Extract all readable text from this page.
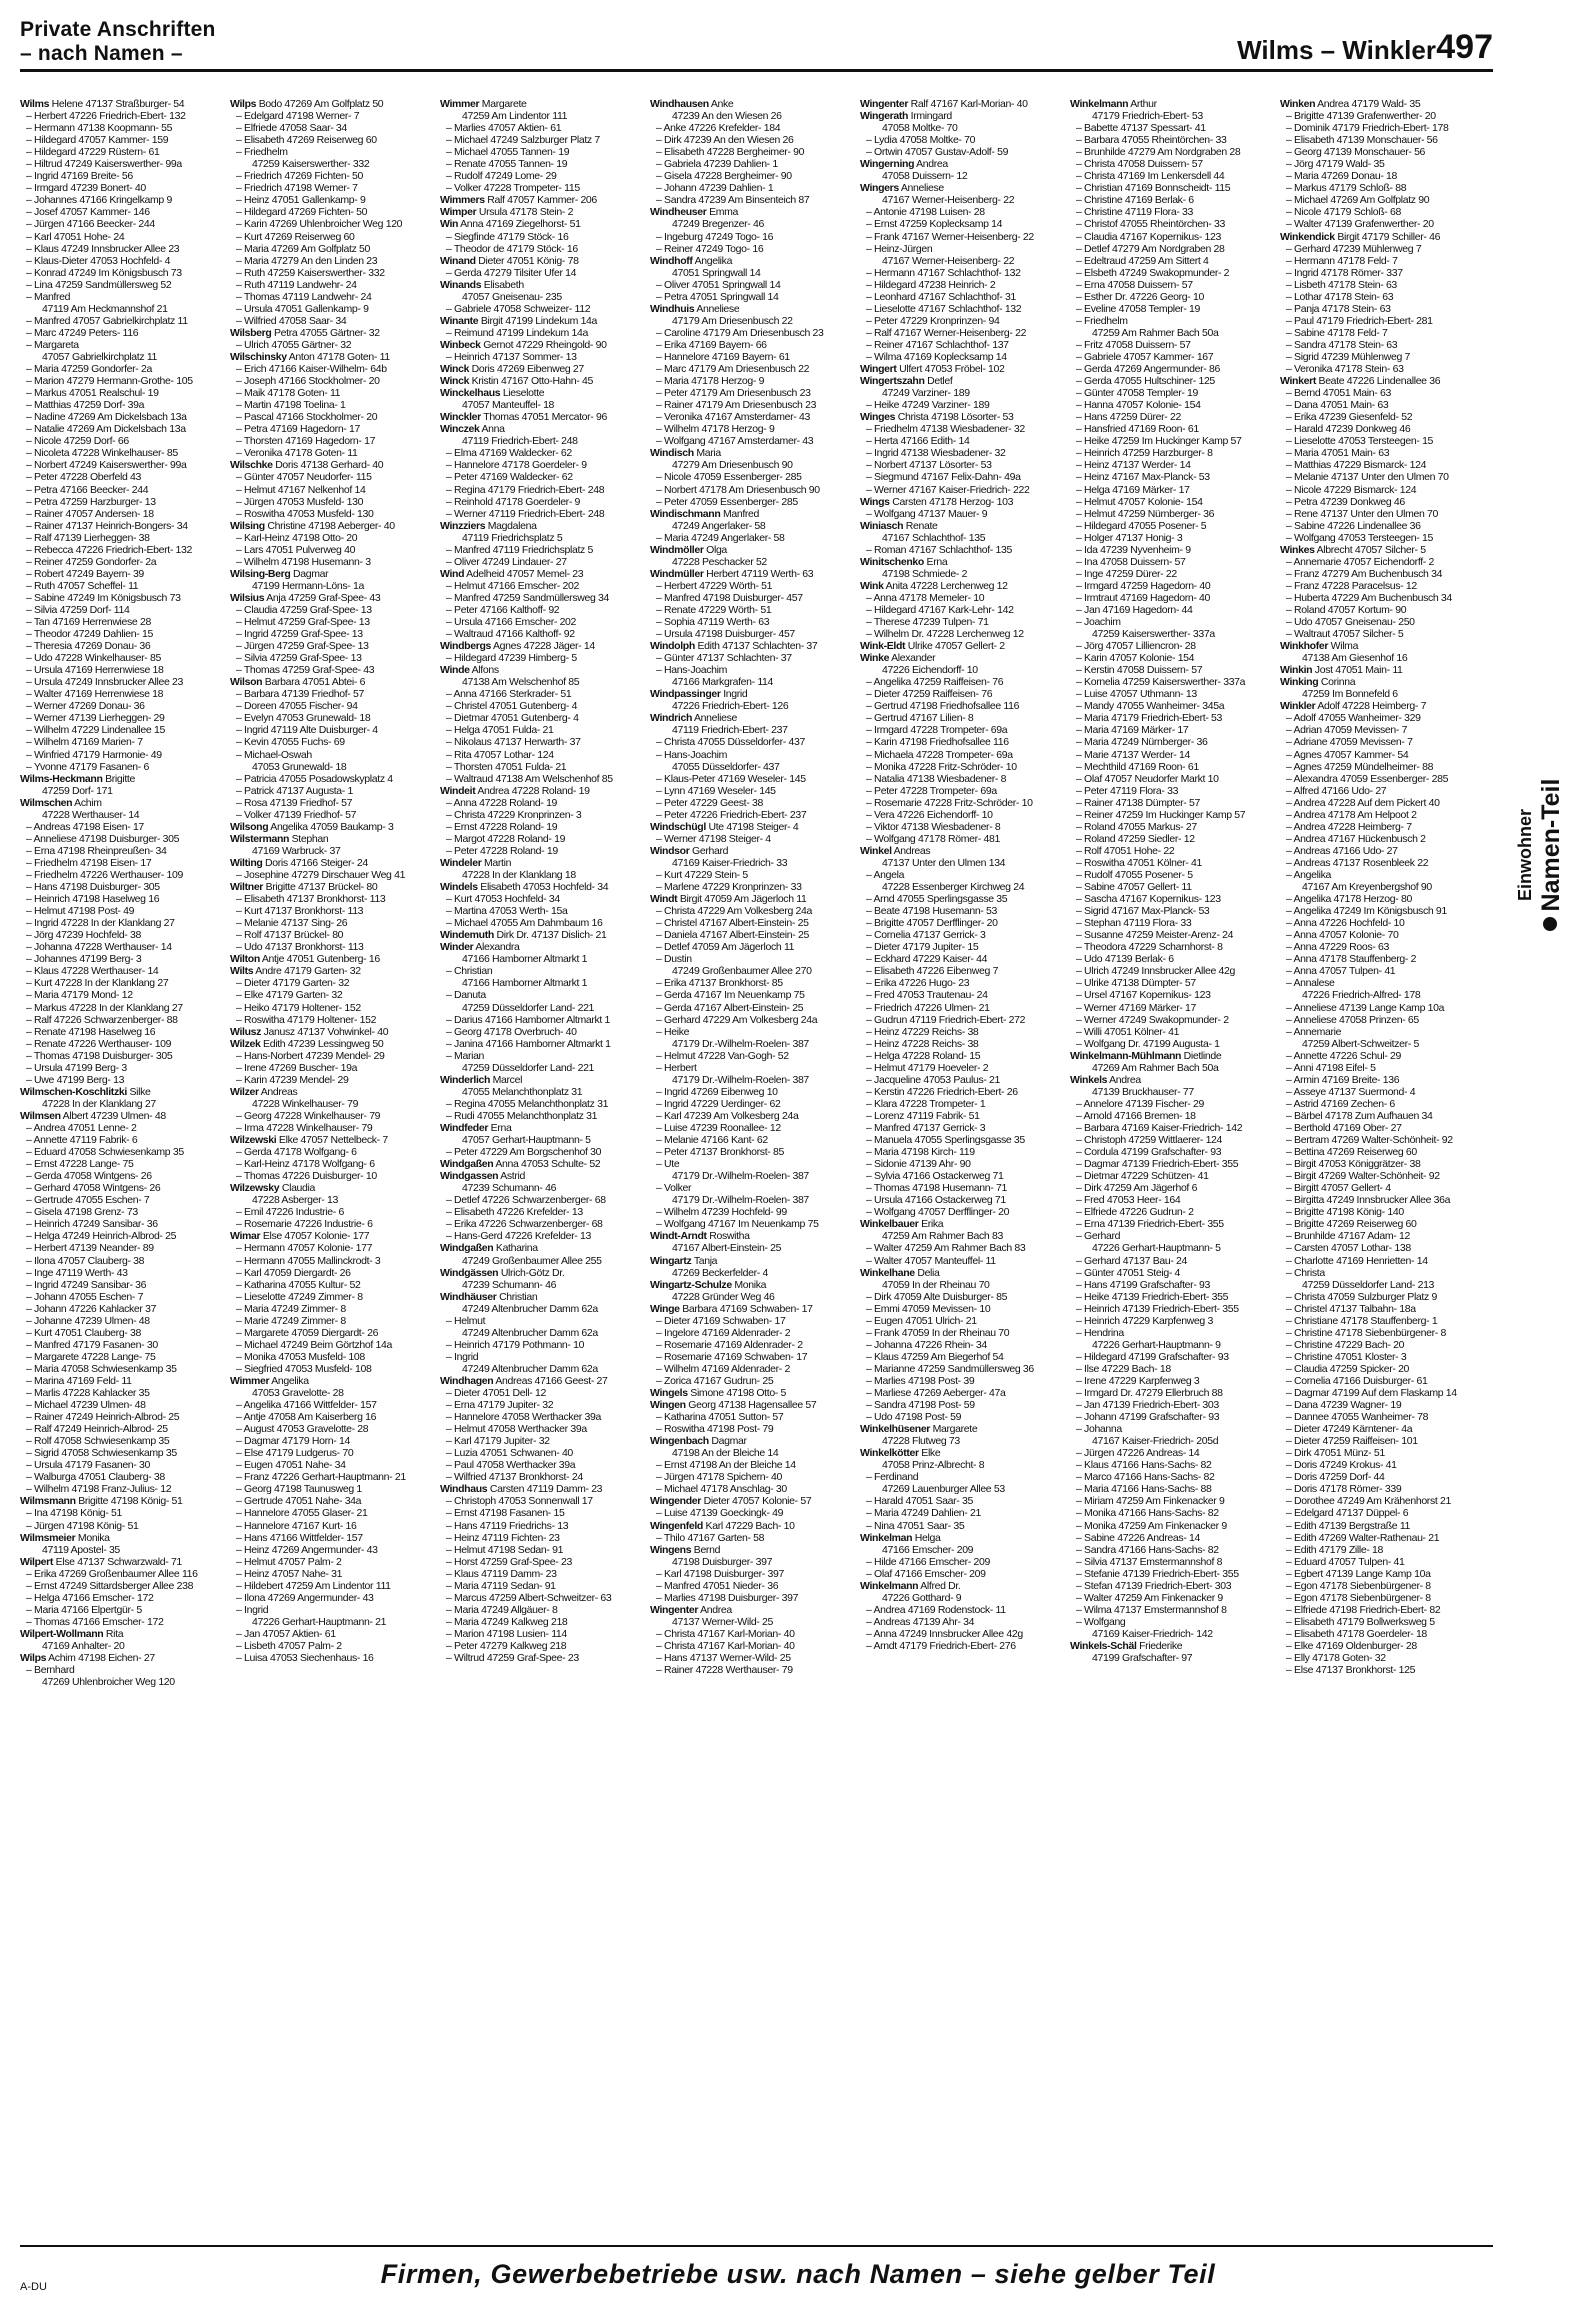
Private Anschriften
– nach Namen –	Wilms – Winkler 497
Wilms Helene 47137 Straßburger- 54
– Herbert 47226 Friedrich-Ebert- 132
– Hermann 47138 Koopmann- 55
– Hildegard 47057 Kammer- 159
– Hildegard 47229 Rüstern- 61
– Hiltrud 47249 Kaiserswerther- 99a
– Ingrid 47169 Breite- 56
– Irmgard 47239 Bonert- 40
– Johannes 47166 Kringelkamp 9
– Josef 47057 Kammer- 146
– Jürgen 47166 Beecker- 244
– Karl 47051 Hohe- 24
– Klaus 47249 Innsbrucker Allee 23
– Klaus-Dieter 47053 Hochfeld- 4
– Konrad 47249 Im Königsbusch 73
– Lina 47259 Sandmüllersweg 52
– Manfred
47119 Am Heckmannshof 21
– Manfred 47057 Gabrielkirchplatz 11
– Marc 47249 Peters- 116
– Margareta
47057 Gabrielkirchplatz 11
– Maria 47259 Gondorfer- 2a
– Marion 47279 Hermann-Grothe- 105
– Markus 47051 Realschul- 19
– Matthias 47259 Dorf- 39a
– Nadine 47269 Am Dickelsbach 13a
– Natalie 47269 Am Dickelsbach 13a
– Nicole 47259 Dorf- 66
– Nicoleta 47228 Winkelhauser- 85
– Norbert 47249 Kaiserswerther- 99a
– Peter 47228 Oberfeld 43
– Petra 47166 Beecker- 244
– Petra 47259 Harzburger- 13
– Rainer 47057 Andersen- 18
– Rainer 47137 Heinrich-Bongers- 34
– Ralf 47139 Lierheggen- 38
– Rebecca 47226 Friedrich-Ebert- 132
– Reiner 47259 Gondorfer- 2a
– Robert 47249 Bayern- 39
– Ruth 47057 Scheffel- 11
– Sabine 47249 Im Königsbusch 73
– Silvia 47259 Dorf- 114
– Tan 47169 Herrenwiese 28
– Theodor 47249 Dahlien- 15
– Theresia 47269 Donau- 36
– Udo 47228 Winkelhauser- 85
– Ursula 47169 Herrenwiese 18
– Ursula 47249 Innsbrucker Allee 23
– Walter 47169 Herrenwiese 18
– Werner 47269 Donau- 36
– Werner 47139 Lierheggen- 29
– Wilhelm 47229 Lindenallee 15
– Wilhelm 47169 Marien- 7
– Winfried 47179 Harmonie- 49
– Yvonne 47179 Fasanen- 6
Wilms-Heckmann Brigitte
47259 Dorf- 171
Wilmschen Achim
47228 Werthauser- 14
– Andreas 47198 Eisen- 17
– Anneliese 47198 Duisburger- 305
– Erna 47198 Rheinpreußen- 34
– Friedhelm 47198 Eisen- 17
– Friedhelm 47226 Werthauser- 109
– Hans 47198 Duisburger- 305
– Heinrich 47198 Haselweg 16
– Helmut 47198 Post- 49
– Ingrid 47228 In der Klanklang 27
– Jörg 47239 Hochfeld- 38
– Johanna 47228 Werthauser- 14
– Johannes 47199 Berg- 3
– Klaus 47228 Werthauser- 14
– Kurt 47228 In der Klanklang 27
– Maria 47179 Mond- 12
– Markus 47228 In der Klanklang 27
– Ralf 47226 Schwarzenberger- 88
– Renate 47198 Haselweg 16
– Renate 47226 Werthauser- 109
– Thomas 47198 Duisburger- 305
– Ursula 47199 Berg- 3
– Uwe 47199 Berg- 13
Wilmschen-Koschlitzki Silke
47228 In der Klanklang 27
Wilmsen Albert 47239 Ulmen- 48
– Andrea 47051 Lenne- 2
– Annette 47119 Fabrik- 6
– Eduard 47058 Schwiesenkamp 35
– Ernst 47228 Lange- 75
– Gerda 47058 Wintgens- 26
– Gerhard 47058 Wintgens- 26
– Gertrude 47055 Eschen- 7
– Gisela 47198 Grenz- 73
– Heinrich 47249 Sansibar- 36
– Helga 47249 Heinrich-Albrod- 25
– Herbert 47139 Neander- 89
– Ilona 47057 Clauberg- 38
– Inge 47119 Werth- 43
– Ingrid 47249 Sansibar- 36
– Johann 47055 Eschen- 7
– Johann 47226 Kahlacker 37
– Johanne 47239 Ulmen- 48
– Kurt 47051 Clauberg- 38
– Manfred 47179 Fasanen- 30
– Margarete 47228 Lange- 75
– Maria 47058 Schwiesenkamp 35
– Marina 47169 Feld- 11
– Marlis 47228 Kahlacker 35
– Michael 47239 Ulmen- 48
– Rainer 47249 Heinrich-Albrod- 25
– Ralf 47249 Heinrich-Albrod- 25
– Rolf 47058 Schwiesenkamp 35
– Sigrid 47058 Schwiesenkamp 35
– Ursula 47179 Fasanen- 30
– Walburga 47051 Clauberg- 38
– Wilhelm 47198 Franz-Julius- 12
Wilmsmann Brigitte 47198 König- 51
– Ina 47198 König- 51
– Jürgen 47198 König- 51
Wilmsmeier Monika
47119 Apostel- 35
Wilpert Else 47137 Schwarzwald- 71
– Erika 47269 Großenbaumer Allee 116
– Ernst 47249 Sittardsberger Allee 238
– Helga 47166 Emscher- 172
– Maria 47166 Elpertgür- 5
– Thomas 47166 Emscher- 172
Wilpert-Wollmann Rita
47169 Anhalter- 20
Wilps Achim 47198 Eichen- 27
– Bernhard
47269 Uhlenbroicher Weg 120
Wilps Bodo 47269 Am Golfplatz 50
– Edelgard 47198 Werner- 7
– Elfriede 47058 Saar- 34
– Elisabeth 47269 Reiserweg 60
– Friedhelm
47259 Kaiserswerther- 332
– Friedrich 47269 Fichten- 50
– Friedrich 47198 Werner- 7
– Heinz 47051 Gallenkamp- 9
– Hildegard 47269 Fichten- 50
– Karin 47269 Uhlenbroicher Weg 120
– Kurt 47269 Reiserweg 60
– Maria 47269 Am Golfplatz 50
– Maria 47279 An den Linden 23
– Ruth 47259 Kaiserswerther- 332
– Ruth 47119 Landwehr- 24
– Thomas 47119 Landwehr- 24
– Ursula 47051 Gallenkamp- 9
– Wilfried 47058 Saar- 34
Wilsberg Petra 47055 Gärtner- 32
– Ulrich 47055 Gärtner- 32
Wilschinsky Anton 47178 Goten- 11
– Erich 47166 Kaiser-Wilhelm- 64b
– Joseph 47166 Stockholmer- 20
– Maik 47178 Goten- 11
– Martin 47198 Toelina- 1
– Pascal 47166 Stockholmer- 20
– Petra 47169 Hagedorn- 17
– Thorsten 47169 Hagedorn- 17
– Veronika 47178 Goten- 11
Wilschke Doris 47138 Gerhard- 40
– Günter 47057 Neudorfer- 115
– Helmut 47167 Nelkenhof 14
– Jürgen 47053 Musfeld- 130
– Roswitha 47053 Musfeld- 130
Wilsing Christine 47198 Aeberger- 40
– Karl-Heinz 47198 Otto- 20
– Lars 47051 Pulverweg 40
– Wilhelm 47198 Husemann- 3
Wilsing-Berg Dagmar
47199 Hermann-Löns- 1a
Wilsius Anja 47259 Graf-Spee- 43
– Claudia 47259 Graf-Spee- 13
– Helmut 47259 Graf-Spee- 13
– Ingrid 47259 Graf-Spee- 13
– Jürgen 47259 Graf-Spee- 13
– Silvia 47259 Graf-Spee- 13
– Thomas 47259 Graf-Spee- 43
Wilson Barbara 47051 Abtei- 6
– Barbara 47139 Friedhof- 57
– Doreen 47055 Fischer- 94
– Evelyn 47053 Grunewald- 18
– Ingrid 47119 Alte Duisburger- 4
– Kevin 47055 Fuchs- 69
– Michael-Oswah
47053 Grunewald- 18
– Patricia 47055 Posadowskyplatz 4
– Patrick 47137 Augusta- 1
– Rosa 47139 Friedhof- 57
– Volker 47139 Friedhof- 57
Wilsong Angelika 47059 Baukamp- 3
Wilstermann Stephan
47169 Warbruck- 37
Wilting Doris 47166 Steiger- 24
– Josephine 47279 Dirschauer Weg 41
Wiltner Brigitte 47137 Brückel- 80
– Elisabeth 47137 Bronkhorst- 113
– Kurt 47137 Bronkhorst- 113
– Melanie 47137 Sing- 26
– Rolf 47137 Brückel- 80
– Udo 47137 Bronkhorst- 113
Wilton Antje 47051 Gutenberg- 16
Wilts Andre 47179 Garten- 32
– Dieter 47179 Garten- 32
– Elke 47179 Garten- 32
– Heiko 47179 Holtener- 152
– Roswitha 47179 Holtener- 152
Wilusz Janusz 47137 Vohwinkel- 40
Wilzek Edith 47239 Lessingweg 50
– Hans-Norbert 47239 Mendel- 29
– Irene 47269 Buscher- 19a
– Karin 47239 Mendel- 29
Wilzer Andreas
47228 Winkelhauser- 79
– Georg 47228 Winkelhauser- 79
– Irma 47228 Winkelhauser- 79
Wilzewski Elke 47057 Nettelbeck- 7
– Gerda 47178 Wolfgang- 6
– Karl-Heinz 47178 Wolfgang- 6
– Thomas 47226 Duisburger- 10
Wilzewsky Claudia
47228 Asberger- 13
– Emil 47226 Industrie- 6
– Rosemarie 47226 Industrie- 6
Wimar Else 47057 Kolonie- 177
– Hermann 47057 Kolonie- 177
– Hermann 47055 Mallinckrodt- 3
– Karl 47059 Diergardt- 26
– Katharina 47055 Kultur- 52
– Lieselotte 47249 Zimmer- 8
– Maria 47249 Zimmer- 8
– Marie 47249 Zimmer- 8
– Margarete 47059 Diergardt- 26
– Michael 47249 Beim Görtzhof 14a
– Monika 47053 Musfeld- 108
– Siegfried 47053 Musfeld- 108
Wimmer Angelika
47053 Gravelotte- 28
– Angelika 47166 Wittfelder- 157
– Antje 47058 Am Kaiserberg 16
– August 47053 Gravelotte- 28
– Dagmar 47179 Horn- 14
– Else 47179 Ludgerus- 70
– Eugen 47051 Nahe- 34
– Franz 47226 Gerhart-Hauptmann- 21
– Georg 47198 Taunusweg 1
– Gertrude 47051 Nahe- 34a
– Hannelore 47055 Glaser- 21
– Hannelore 47167 Kurt- 16
– Hans 47166 Wittfelder- 157
– Heinz 47269 Angermunder- 43
– Helmut 47057 Palm- 2
– Heinz 47057 Nahe- 31
– Hildebert 47259 Am Lindentor 111
– Ilona 47269 Angermunder- 43
– Ingrid
47226 Gerhart-Hauptmann- 21
– Jan 47057 Aktien- 61
– Lisbeth 47057 Palm- 2
– Luisa 47053 Siechenhaus- 16
Wimmer Margarete
47259 Am Lindentor 111
– Marlies 47057 Aktien- 61
– Michael 47249 Salzburger Platz 7
– Michael 47055 Tannen- 19
– Renate 47055 Tannen- 19
– Rudolf 47249 Lome- 29
– Volker 47228 Trompeter- 115
Wimmers Ralf 47057 Kammer- 206
Wimper Ursula 47178 Stein- 2
Win Anna 47169 Ziegelhorst- 51
– Siegfinde 47179 Stöck- 16
– Theodor de 47179 Stöck- 16
Winand Dieter 47051 König- 78
– Gerda 47279 Tilsiter Ufer 14
Winands Elisabeth
47057 Gneisenau- 235
– Gabriele 47058 Schweizer- 112
Winante Birgit 47199 Lindekum 14a
– Reimund 47199 Lindekum 14a
Winbeck Gernot 47229 Rheingold- 90
– Heinrich 47137 Sommer- 13
Winck Doris 47269 Eibenweg 27
Winck Kristin 47167 Otto-Hahn- 45
Winckelhaus Lieselotte
47057 Manteuffel- 18
Winckler Thomas 47051 Mercator- 96
Winczek Anna
47119 Friedrich-Ebert- 248
– Elma 47169 Waldecker- 62
– Hannelore 47178 Goerdeler- 9
– Peter 47169 Waldecker- 62
– Regina 47179 Friedrich-Ebert- 248
– Reinhold 47178 Goerdeler- 9
– Werner 47119 Friedrich-Ebert- 248
Winzziers Magdalena
47119 Friedrichsplatz 5
– Manfred 47119 Friedrichsplatz 5
– Oliver 47249 Lindauer- 27
Wind Adelheid 47057 Memel- 23
– Helmut 47166 Emscher- 202
– Manfred 47259 Sandmüllersweg 34
– Peter 47166 Kalthoff- 92
– Ursula 47166 Emscher- 202
– Waltraud 47166 Kalthoff- 92
Windbergs Agnes 47228 Jäger- 14
– Hildegard 47239 Himberg- 5
Winde Alfons
47138 Am Welschenhof 85
– Anna 47166 Sterkrader- 51
– Christel 47051 Gutenberg- 4
– Dietmar 47051 Gutenberg- 4
– Helga 47051 Fulda- 21
– Nikolaus 47137 Herwarth- 37
– Rita 47057 Lothar- 124
– Thorsten 47051 Fulda- 21
– Waltraud 47138 Am Welschenhof 85
Windeit Andrea 47228 Roland- 19
– Anna 47228 Roland- 19
– Christa 47229 Kronprinzen- 3
– Ernst 47228 Roland- 19
– Margot 47228 Roland- 19
– Peter 47228 Roland- 19
Windeler Martin
47228 In der Klanklang 18
Windels Elisabeth 47053 Hochfeld- 34
– Kurt 47053 Hochfeld- 34
– Martina 47053 Werth- 15a
– Michael 47055 Am Dahmbaum 16
Windemuth Dirk Dr. 47137 Dislich- 21
Winder Alexandra
47166 Hamborner Altmarkt 1
– Christian
47166 Hamborner Altmarkt 1
– Danuta
47259 Düsseldorfer Land- 221
– Darius 47166 Hamborner Altmarkt 1
– Georg 47178 Overbruch- 40
– Janina 47166 Hamborner Altmarkt 1
– Marian
47259 Düsseldorfer Land- 221
Winderlich Marcel
47055 Melanchthonplatz 31
– Regina 47055 Melanchthonplatz 31
– Rudi 47055 Melanchthonplatz 31
Windfeder Erna
47057 Gerhart-Hauptmann- 5
– Peter 47229 Am Borgschenhof 30
Windgaßen Anna 47053 Schulte- 52
Windgassen Astrid
47239 Schumann- 46
– Detlef 47226 Schwarzenberger- 68
– Elisabeth 47226 Krefelder- 13
– Erika 47226 Schwarzenberger- 68
– Hans-Gerd 47226 Krefelder- 13
Windgaßen Katharina
47249 Großenbaumer Allee 255
Windgässen Ulrich-Götz Dr.
47239 Schumann- 46
Windhäuser Christian
47249 Altenbrucher Damm 62a
– Helmut
47249 Altenbrucher Damm 62a
– Heinrich 47179 Pothmann- 10
– Ingrid
47249 Altenbrucher Damm 62a
Windhagen Andreas 47166 Geest- 27
– Dieter 47051 Dell- 12
– Erna 47179 Jupiter- 32
– Hannelore 47058 Werthacker 39a
– Helmut 47058 Werthacker 39a
– Karl 47179 Jupiter- 32
– Luzia 47051 Schwanen- 40
– Paul 47058 Werthacker 39a
– Wilfried 47137 Bronkhorst- 24
Windhaus Carsten 47119 Damm- 23
– Christoph 47053 Sonnenwall 17
– Ernst 47198 Fasanen- 15
– Hans 47119 Friedrichs- 13
– Heinz 47119 Fichten- 23
– Helmut 47198 Sedan- 91
– Horst 47259 Graf-Spee- 23
– Klaus 47119 Damm- 23
– Maria 47119 Sedan- 91
– Marcus 47259 Albert-Schweitzer- 63
– Maria 47249 Allgäuer- 8
– Maria 47249 Kalkweg 218
– Marion 47198 Lusien- 114
– Peter 47279 Kalkweg 218
– Wiltrud 47259 Graf-Spee- 23
Windhausen Anke
47239 An den Wiesen 26
– Anke 47226 Krefelder- 184
– Dirk 47239 An den Wiesen 26
– Elisabeth 47228 Bergheimer- 90
– Gabriela 47239 Dahlien- 1
– Gisela 47228 Bergheimer- 90
– Johann 47239 Dahlien- 1
– Sandra 47239 Am Binsenteich 87
Windheuser Emma
47249 Bregenzer- 46
– Ingeburg 47249 Togo- 16
– Reiner 47249 Togo- 16
Windhoff Angelika
47051 Springwall 14
– Oliver 47051 Springwall 14
– Petra 47051 Springwall 14
Windhuis Anneliese
47179 Am Driesenbusch 22
– Caroline 47179 Am Driesenbusch 23
– Erika 47169 Bayern- 66
– Hannelore 47169 Bayern- 61
– Marc 47179 Am Driesenbusch 22
– Maria 47178 Herzog- 9
– Peter 47179 Am Driesenbusch 23
– Rainer 47179 Am Driesenbusch 23
– Veronika 47167 Amsterdamer- 43
– Wilhelm 47178 Herzog- 9
– Wolfgang 47167 Amsterdamer- 43
Windisch Maria
47279 Am Driesenbusch 90
– Nicole 47059 Essenberger- 285
– Norbert 47178 Am Driesenbusch 90
– Peter 47059 Essenberger- 285
Windischmann Manfred
47249 Angerlaker- 58
– Maria 47249 Angerlaker- 58
Windmöller Olga
47228 Peschacker 52
Windmüller Herbert 47119 Werth- 63
– Herbert 47229 Wörth- 51
– Manfred 47198 Duisburger- 457
– Renate 47229 Wörth- 51
– Sophia 47119 Werth- 63
– Ursula 47198 Duisburger- 457
Windolph Edith 47137 Schlachten- 37
– Günter 47137 Schlachten- 37
– Hans-Joachim
47166 Markgrafen- 114
Windpassinger Ingrid
47226 Friedrich-Ebert- 126
Windrich Anneliese
47119 Friedrich-Ebert- 237
– Christa 47055 Düsseldorfer- 437
– Hans-Joachim
47055 Düsseldorfer- 437
– Klaus-Peter 47169 Weseler- 145
– Lynn 47169 Weseler- 145
– Peter 47229 Geest- 38
– Peter 47226 Friedrich-Ebert- 237
Windschügl Ute 47198 Steiger- 4
– Werner 47198 Steiger- 4
Windsor Gerhard
47169 Kaiser-Friedrich- 33
– Kurt 47229 Stein- 5
– Marlene 47229 Kronprinzen- 33
Windt Birgit 47059 Am Jägerloch 11
– Christa 47229 Am Volkesberg 24a
– Christel 47167 Albert-Einstein- 25
– Daniela 47167 Albert-Einstein- 25
– Detlef 47059 Am Jägerloch 11
– Dustin
47249 Großenbaumer Allee 270
– Erika 47137 Bronkhorst- 85
– Gerda 47167 Im Neuenkamp 75
– Gerda 47167 Albert-Einstein- 25
– Gerhard 47229 Am Volkesberg 24a
– Heike
47179 Dr.-Wilhelm-Roelen- 387
– Helmut 47228 Van-Gogh- 52
– Herbert
47179 Dr.-Wilhelm-Roelen- 387
– Ingrid 47269 Eibenweg 10
– Ingrid 47229 Uerdinger- 62
– Karl 47239 Am Volkesberg 24a
– Luise 47239 Roonallee- 12
– Melanie 47166 Kant- 62
– Peter 47137 Bronkhorst- 85
– Ute
47179 Dr.-Wilhelm-Roelen- 387
– Volker
47179 Dr.-Wilhelm-Roelen- 387
– Wilhelm 47239 Hochfeld- 99
– Wolfgang 47167 Im Neuenkamp 75
Windt-Arndt Roswitha
47167 Albert-Einstein- 25
Wingartz Tanja
47269 Beckerfelder- 4
Wingartz-Schulze Monika
47228 Gründer Weg 46
Winge Barbara 47169 Schwaben- 17
– Dieter 47169 Schwaben- 17
– Ingelore 47169 Aldenrader- 2
– Rosemarie 47169 Aldenrader- 2
– Rosemarie 47169 Schwaben- 17
– Wilhelm 47169 Aldenrader- 2
– Zorica 47167 Gudrun- 25
Wingels Simone 47198 Otto- 5
Wingen Georg 47138 Hagensallee 57
– Katharina 47051 Sutton- 57
– Roswitha 47198 Post- 79
Wingenbach Dagmar
47198 An der Bleiche 14
– Ernst 47198 An der Bleiche 14
– Jürgen 47178 Spichern- 40
– Michael 47178 Anschlag- 30
Wingender Dieter 47057 Kolonie- 57
– Luise 47139 Goeckingk- 49
Wingenfeld Karl 47229 Bach- 10
– Thilo 47167 Garten- 58
Wingens Bernd
47198 Duisburger- 397
– Karl 47198 Duisburger- 397
– Manfred 47051 Nieder- 36
– Marlies 47198 Duisburger- 397
Wingenter Andrea
47137 Werner-Wild- 25
– Christa 47167 Karl-Morian- 40
– Christa 47167 Karl-Morian- 40
– Hans 47137 Werner-Wild- 25
– Rainer 47228 Werthauser- 79
Wingenter Ralf 47167 Karl-Morian- 40
Wingerath Irmingard
47058 Moltke- 70
– Lydia 47058 Moltke- 70
– Ortwin 47057 Gustav-Adolf- 59
Wingerning Andrea
47058 Duissern- 12
Wingers Anneliese
47167 Werner-Heisenberg- 22
– Antonie 47198 Luisen- 28
– Ernst 47259 Koplecksamp 14
– Frank 47167 Werner-Heisenberg- 22
– Heinz-Jürgen
47167 Werner-Heisenberg- 22
– Hermann 47167 Schlachthof- 132
– Hildegard 47238 Heinrich- 2
– Leonhard 47167 Schlachthof- 31
– Lieselotte 47167 Schlachthof- 132
– Peter 47229 Kronprinzen- 94
– Ralf 47167 Werner-Heisenberg- 22
– Reiner 47167 Schlachthof- 137
– Wilma 47169 Koplecksamp 14
Wingert Ulfert 47053 Fröbel- 102
Wingertszahn Detlef
47249 Varziner- 189
– Heike 47249 Varziner- 189
Winges Christa 47198 Lösorter- 53
– Friedhelm 47138 Wiesbadener- 32
– Herta 47166 Edith- 14
– Ingrid 47138 Wiesbadener- 32
– Norbert 47137 Lösorter- 53
– Siegmund 47167 Felix-Dahn- 49a
– Werner 47167 Kaiser-Friedrich- 222
Wings Carsten 47178 Herzog- 103
– Wolfgang 47137 Mauer- 9
Winiasch Renate
47167 Schlachthof- 135
– Roman 47167 Schlachthof- 135
Winitschenko Erna
47198 Schmiede- 2
Wink Anita 47228 Lerchenweg 12
– Anna 47178 Memeler- 10
– Hildegard 47167 Kark-Lehr- 142
– Therese 47239 Tulpen- 71
– Wilhelm Dr. 47228 Lerchenweg 12
Wink-Eldt Ulrike 47057 Gellert- 2
Winke Alexander
47226 Eichendorff- 10
– Angelika 47259 Raiffeisen- 76
– Dieter 47259 Raiffeisen- 76
– Gertrud 47198 Friedhofsallee 116
– Gertrud 47167 Lilien- 8
– Irmgard 47228 Trompeter- 69a
– Karin 47198 Friedhofsallee 116
– Michaela 47228 Trompeter- 69a
– Monika 47228 Fritz-Schröder- 10
– Natalia 47138 Wiesbadener- 8
– Peter 47228 Trompeter- 69a
– Rosemarie 47228 Fritz-Schröder- 10
– Vera 47226 Eichendorff- 10
– Viktor 47138 Wiesbadener- 8
– Wolfgang 47178 Römer- 481
Winkel Andreas
47137 Unter den Ulmen 134
– Angela
47228 Essenberger Kirchweg 24
– Arnd 47055 Sperlingsgasse 35
– Beate 47198 Husemann- 53
– Brigitte 47057 Derfflinger- 20
– Cornelia 47137 Gerrick- 3
– Dieter 47179 Jupiter- 15
– Eckhard 47229 Kaiser- 44
– Elisabeth 47226 Eibenweg 7
– Erika 47226 Hugo- 23
– Fred 47053 Trautenau- 24
– Friedrich 47226 Ulmen- 21
– Gudrun 47119 Friedrich-Ebert- 272
– Heinz 47229 Reichs- 38
– Heinz 47228 Reichs- 38
– Helga 47228 Roland- 15
– Helmut 47179 Hoeveler- 2
– Jacqueline 47053 Paulus- 21
– Kerstin 47226 Friedrich-Ebert- 26
– Klara 47228 Trompeter- 1
– Lorenz 47119 Fabrik- 51
– Manfred 47137 Gerrick- 3
– Manuela 47055 Sperlingsgasse 35
– Maria 47198 Kirch- 119
– Sidonie 47139 Ahr- 90
– Sylvia 47166 Ostackerweg 71
– Thomas 47198 Husemann- 71
– Ursula 47166 Ostackerweg 71
– Wolfgang 47057 Derfflinger- 20
Winkelbauer Erika
47259 Am Rahmer Bach 83
– Walter 47259 Am Rahmer Bach 83
– Walter 47057 Manteuffel- 11
Winkelhane Delia
47059 In der Rheinau 70
– Dirk 47059 Alte Duisburger- 85
– Emmi 47059 Mevissen- 10
– Eugen 47051 Ulrich- 21
– Frank 47059 In der Rheinau 70
– Johanna 47226 Rhein- 34
– Klaus 47259 Am Biegerhof 54
– Marianne 47259 Sandmüllersweg 36
– Marlies 47198 Post- 39
– Marliese 47269 Aeberger- 47a
– Sandra 47198 Post- 59
– Udo 47198 Post- 59
Winkelhüsener Margarete
47228 Flutweg 73
Winkelkötter Elke
47058 Prinz-Albrecht- 8
– Ferdinand
47269 Lauenburger Allee 53
– Harald 47051 Saar- 35
– Maria 47249 Dahlien- 21
– Nina 47051 Saar- 35
Winkelman Helga
47166 Emscher- 209
– Hilde 47166 Emscher- 209
– Olaf 47166 Emscher- 209
Winkelmann Alfred Dr.
47226 Gotthard- 9
– Andrea 47169 Rodenstock- 11
– Andreas 47139 Ahr- 34
– Anna 47249 Innsbrucker Allee 42g
– Arndt 47179 Friedrich-Ebert- 276
Winkelmann Arthur
47179 Friedrich-Ebert- 53
– Babette 47137 Spessart- 41
– Barbara 47055 Rheintörchen- 33
– Brunhilde 47279 Am Nordgraben 28
– Christa 47058 Duissern- 57
– Christa 47169 Im Lenkersdell 44
– Christian 47169 Bonnscheidt- 115
– Christine 47169 Berlak- 6
– Christine 47119 Flora- 33
– Christof 47055 Rheintörchen- 33
– Claudia 47167 Kopernikus- 123
– Detlef 47279 Am Nordgraben 28
– Edeltraud 47259 Am Sittert 4
– Elsbeth 47249 Swakopmunder- 2
– Erna 47058 Duissern- 57
– Esther Dr. 47226 Georg- 10
– Eveline 47058 Templer- 19
– Friedhelm
47259 Am Rahmer Bach 50a
– Fritz 47058 Duissern- 57
– Gabriele 47057 Kammer- 167
– Gerda 47269 Angermunder- 86
– Gerda 47055 Hultschiner- 125
– Günter 47058 Templer- 19
– Hanna 47057 Kolonie- 154
– Hans 47259 Dürer- 22
– Hansfried 47169 Roon- 61
– Heike 47259 Im Huckinger Kamp 57
– Heinrich 47259 Harzburger- 8
– Heinz 47137 Werder- 14
– Heinz 47167 Max-Planck- 53
– Helga 47169 Märker- 17
– Helmut 47057 Kolonie- 154
– Helmut 47259 Nürnberger- 36
– Hildegard 47055 Posener- 5
– Holger 47137 Honig- 3
– Ida 47239 Nyvenheim- 9
– Ina 47058 Duissern- 57
– Inge 47259 Dürer- 22
– Irmgard 47259 Hagedorn- 40
– Irmtraut 47169 Hagedorn- 40
– Jan 47169 Hagedorn- 44
– Joachim
47259 Kaiserswerther- 337a
– Jörg 47057 Lilliencron- 28
– Karin 47057 Kolonie- 154
– Kerstin 47058 Duissern- 57
– Kornelia 47259 Kaiserswerther- 337a
– Luise 47057 Uthmann- 13
– Mandy 47055 Wanheimer- 345a
– Maria 47179 Friedrich-Ebert- 53
– Maria 47169 Märker- 17
– Maria 47249 Nürnberger- 36
– Marie 47137 Werder- 14
– Mechthild 47169 Roon- 61
– Olaf 47057 Neudorfer Markt 10
– Peter 47119 Flora- 33
– Rainer 47138 Dümpter- 57
– Reiner 47259 Im Huckinger Kamp 57
– Roland 47055 Markus- 27
– Roland 47259 Siedler- 12
– Rolf 47051 Hohe- 22
– Roswitha 47051 Kölner- 41
– Rudolf 47055 Posener- 5
– Sabine 47057 Gellert- 11
– Sascha 47167 Kopernikus- 123
– Sigrid 47167 Max-Planck- 53
– Stephan 47119 Flora- 33
– Susanne 47259 Meister-Arenz- 24
– Theodora 47229 Scharnhorst- 8
– Udo 47139 Berlak- 6
– Ulrich 47249 Innsbrucker Allee 42g
– Ulrike 47138 Dümpter- 57
– Ursel 47167 Kopernikus- 123
– Werner 47169 Märker- 17
– Werner 47249 Swakopmunder- 2
– Willi 47051 Kölner- 41
– Wolfgang Dr. 47199 Augusta- 1
Winkelmann-Mühlmann Dietlinde
47269 Am Rahmer Bach 50a
Winkels Andrea
47139 Bruckhauser- 77
– Annelore 47139 Fischer- 29
– Arnold 47166 Bremen- 18
– Barbara 47169 Kaiser-Friedrich- 142
– Christoph 47259 Wittlaerer- 124
– Cordula 47199 Grafschafter- 93
– Dagmar 47139 Friedrich-Ebert- 355
– Dietmar 47229 Schützen- 41
– Dirk 47259 Am Jägerhof 6
– Fred 47053 Heer- 164
– Elfriede 47226 Gudrun- 2
– Erna 47139 Friedrich-Ebert- 355
– Gerhard
47226 Gerhart-Hauptmann- 5
– Gerhard 47137 Bau- 24
– Günter 47051 Steig- 4
– Hans 47199 Grafschafter- 93
– Heike 47139 Friedrich-Ebert- 355
– Heinrich 47139 Friedrich-Ebert- 355
– Heinrich 47229 Karpfenweg 3
– Hendrina
47226 Gerhart-Hauptmann- 9
– Hildegard 47199 Grafschafter- 93
– Ilse 47229 Bach- 18
– Irene 47229 Karpfenweg 3
– Irmgard Dr. 47279 Ellerbruch 88
– Jan 47139 Friedrich-Ebert- 303
– Johann 47199 Grafschafter- 93
– Johanna
47167 Kaiser-Friedrich- 205d
– Jürgen 47226 Andreas- 14
– Klaus 47166 Hans-Sachs- 82
– Marco 47166 Hans-Sachs- 82
– Maria 47166 Hans-Sachs- 88
– Miriam 47259 Am Finkenacker 9
– Monika 47166 Hans-Sachs- 82
– Monika 47259 Am Finkenacker 9
– Sabine 47226 Andreas- 14
– Sandra 47166 Hans-Sachs- 82
– Silvia 47137 Emstermannshof 8
– Stefanie 47139 Friedrich-Ebert- 355
– Stefan 47139 Friedrich-Ebert- 303
– Walter 47259 Am Finkenacker 9
– Wilma 47137 Emstermannshof 8
– Wolfgang
47169 Kaiser-Friedrich- 142
Winkels-Schäl Friederike
47199 Grafschafter- 97
Winken Andrea 47179 Wald- 35
– Brigitte 47139 Grafenwerther- 20
– Dominik 47179 Friedrich-Ebert- 178
– Elisabeth 47139 Monschauer- 56
– Georg 47139 Monschauer- 56
– Jörg 47179 Wald- 35
– Maria 47269 Donau- 18
– Markus 47179 Schloß- 88
– Michael 47269 Am Golfplatz 90
– Nicole 47179 Schloß- 68
– Walter 47139 Grafenwerther- 20
Winkendick Birgit 47179 Schiller- 46
– Gerhard 47239 Mühlenweg 7
– Hermann 47178 Feld- 7
– Ingrid 47178 Römer- 337
– Lisbeth 47178 Stein- 63
– Lothar 47178 Stein- 63
– Panja 47178 Stein- 63
– Paul 47179 Friedrich-Ebert- 281
– Sabine 47178 Feld- 7
– Sandra 47178 Stein- 63
– Sigrid 47239 Mühlenweg 7
– Veronika 47178 Stein- 63
Winkert Beate 47226 Lindenallee 36
– Bernd 47051 Main- 63
– Dana 47051 Main- 63
– Erika 47239 Giesenfeld- 52
– Harald 47239 Donkweg 46
– Lieselotte 47053 Tersteegen- 15
– Maria 47051 Main- 63
– Matthias 47229 Bismarck- 124
– Melanie 47137 Unter den Ulmen 70
– Nicole 47229 Bismarck- 124
– Petra 47239 Donkweg 46
– Rene 47137 Unter den Ulmen 70
– Sabine 47226 Lindenallee 36
– Wolfgang 47053 Tersteegen- 15
Winkes Albrecht 47057 Silcher- 5
– Annemarie 47057 Eichendorff- 2
– Franz 47279 Am Buchenbusch 34
– Franz 47228 Paracelsus- 12
– Huberta 47229 Am Buchenbusch 34
– Roland 47057 Kortum- 90
– Udo 47057 Gneisenau- 250
– Waltraut 47057 Silcher- 5
Winkhofer Wilma
47138 Am Giesenhof 16
Winkin Jost 47051 Main- 11
Winking Corinna
47259 Im Bonnefeld 6
Winkler Adolf 47228 Heimberg- 7
– Adolf 47055 Wanheimer- 329
– Adrian 47059 Mevissen- 7
– Adriane 47059 Mevissen- 7
– Agnes 47057 Kammer- 54
– Agnes 47259 Mündelheimer- 88
– Alexandra 47059 Essenberger- 285
– Alfred 47166 Udo- 27
– Andrea 47228 Auf dem Pickert 40
– Andrea 47178 Am Helpoot 2
– Andrea 47228 Heimberg- 7
– Andrea 47167 Hückenbusch 2
– Andreas 47166 Udo- 27
– Andreas 47137 Rosenbleek 22
– Angelika
47167 Am Kreyenbergshof 90
– Angelika 47178 Herzog- 80
– Angelika 47249 Im Königsbusch 91
– Anna 47226 Hochfeld- 10
– Anna 47057 Kolonie- 70
– Anna 47229 Roos- 63
– Anna 47178 Stauffenberg- 2
– Anna 47057 Tulpen- 41
– Annalese
47226 Friedrich-Alfred- 178
– Anneliese 47139 Lange Kamp 10a
– Anneliese 47058 Prinzen- 65
– Annemarie
47259 Albert-Schweitzer- 5
– Annette 47226 Schul- 29
– Anni 47198 Eifel- 5
– Armin 47169 Breite- 136
– Asseye 47137 Suermond- 4
– Astrid 47169 Zechen- 6
– Bärbel 47178 Zum Aufhauen 34
– Berthold 47169 Ober- 27
– Bertram 47269 Walter-Schönheit- 92
– Bettina 47269 Reiserweg 60
– Birgit 47053 Königgrätzer- 38
– Birgit 47269 Walter-Schönheit- 92
– Birgitt 47057 Gellert- 4
– Birgitta 47249 Innsbrucker Allee 36a
– Brigitte 47198 König- 140
– Brigitte 47269 Reiserweg 60
– Brunhilde 47167 Adam- 12
– Carsten 47057 Lothar- 138
– Charlotte 47169 Henrietten- 14
– Christa
47259 Düsseldorfer Land- 213
– Christa 47059 Sulzburger Platz 9
– Christel 47137 Talbahn- 18a
– Christiane 47178 Stauffenberg- 1
– Christine 47178 Siebenbürgener- 8
– Christine 47229 Bach- 20
– Christine 47051 Kloster- 3
– Claudia 47259 Spicker- 20
– Cornelia 47166 Duisburger- 61
– Dagmar 47199 Auf dem Flaskamp 14
– Dana 47239 Wagner- 19
– Dannee 47055 Wanheimer- 78
– Dieter 47249 Kärntener- 4a
– Dieter 47259 Raiffeisen- 101
– Dirk 47051 Münz- 51
– Doris 47249 Krokus- 41
– Doris 47259 Dorf- 44
– Doris 47178 Römer- 339
– Dorothee 47249 Am Krähenhorst 21
– Edelgard 47137 Düppel- 6
– Edith 47139 Bergstraße 11
– Edith 47269 Walter-Rathenau- 21
– Edith 47179 Zille- 18
– Eduard 47057 Tulpen- 41
– Egbert 47139 Lange Kamp 10a
– Egon 47178 Siebenbürgener- 8
– Egon 47178 Siebenbürgener- 8
– Elfriede 47198 Friedrich-Ebert- 82
– Elisabeth 47179 Bollwerksweg 5
– Elisabeth 47178 Goerdeler- 18
– Elke 47169 Oldenburger- 28
– Elly 47178 Goten- 32
– Else 47137 Bronkhorst- 125
Einwohner Namen-Teil
A-DU	Firmen, Gewerbebetriebe usw. nach Namen – siehe gelber Teil
